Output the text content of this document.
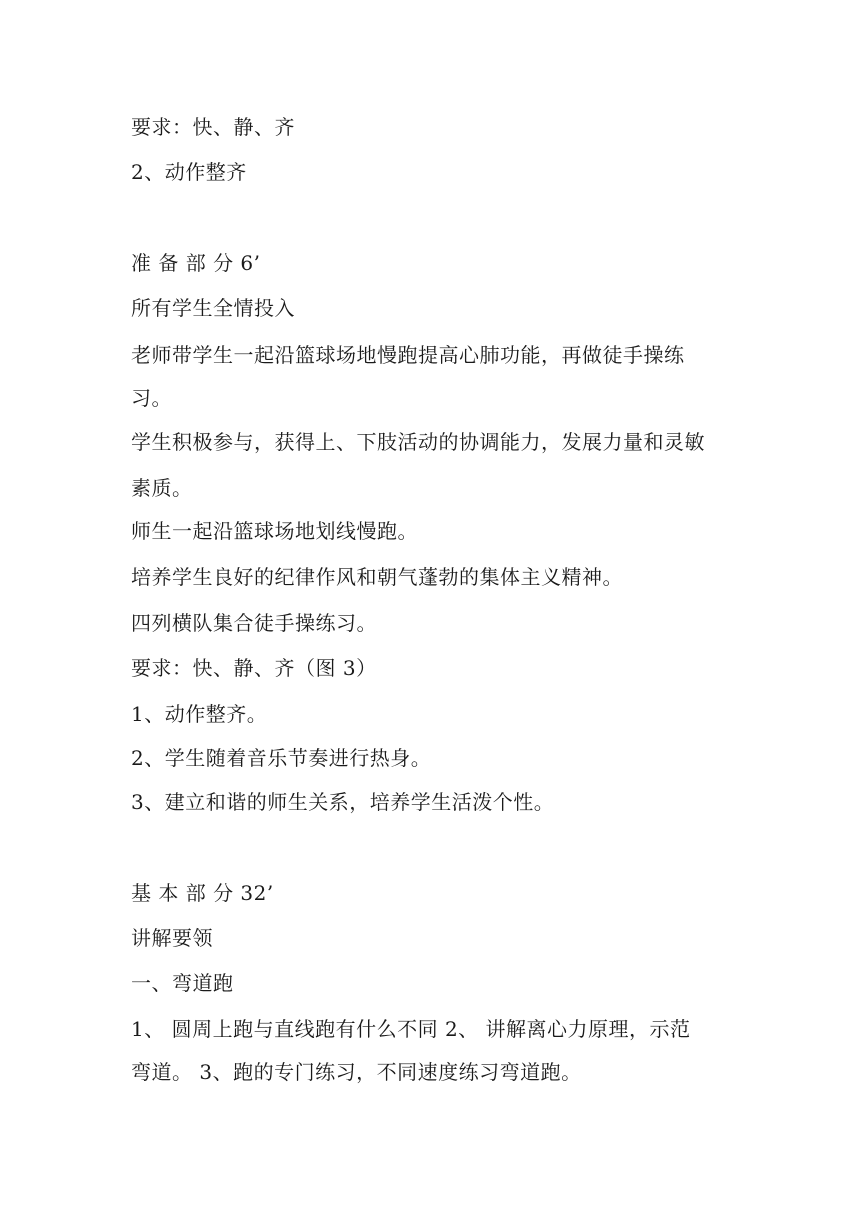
要求：快、静、齐
2、动作整齐
准 备 部 分 6’
所有学生全情投入
老师带学生一起沿篮球场地慢跑提高心肺功能，再做徒手操练
习。
学生积极参与，获得上、下肢活动的协调能力，发展力量和灵敏
素质。
师生一起沿篮球场地划线慢跑。
培养学生良好的纪律作风和朝气蓬勃的集体主义精神。
四列横队集合徒手操练习。
要求：快、静、齐（图 3）
1、动作整齐。
2、学生随着音乐节奏进行热身。
3、建立和谐的师生关系，培养学生活泼个性。
基 本 部 分 32’
讲解要领
一、弯道跑
1、 圆周上跑与直线跑有什么不同 2、 讲解离心力原理，示范
弯道。 3、跑的专门练习，不同速度练习弯道跑。
